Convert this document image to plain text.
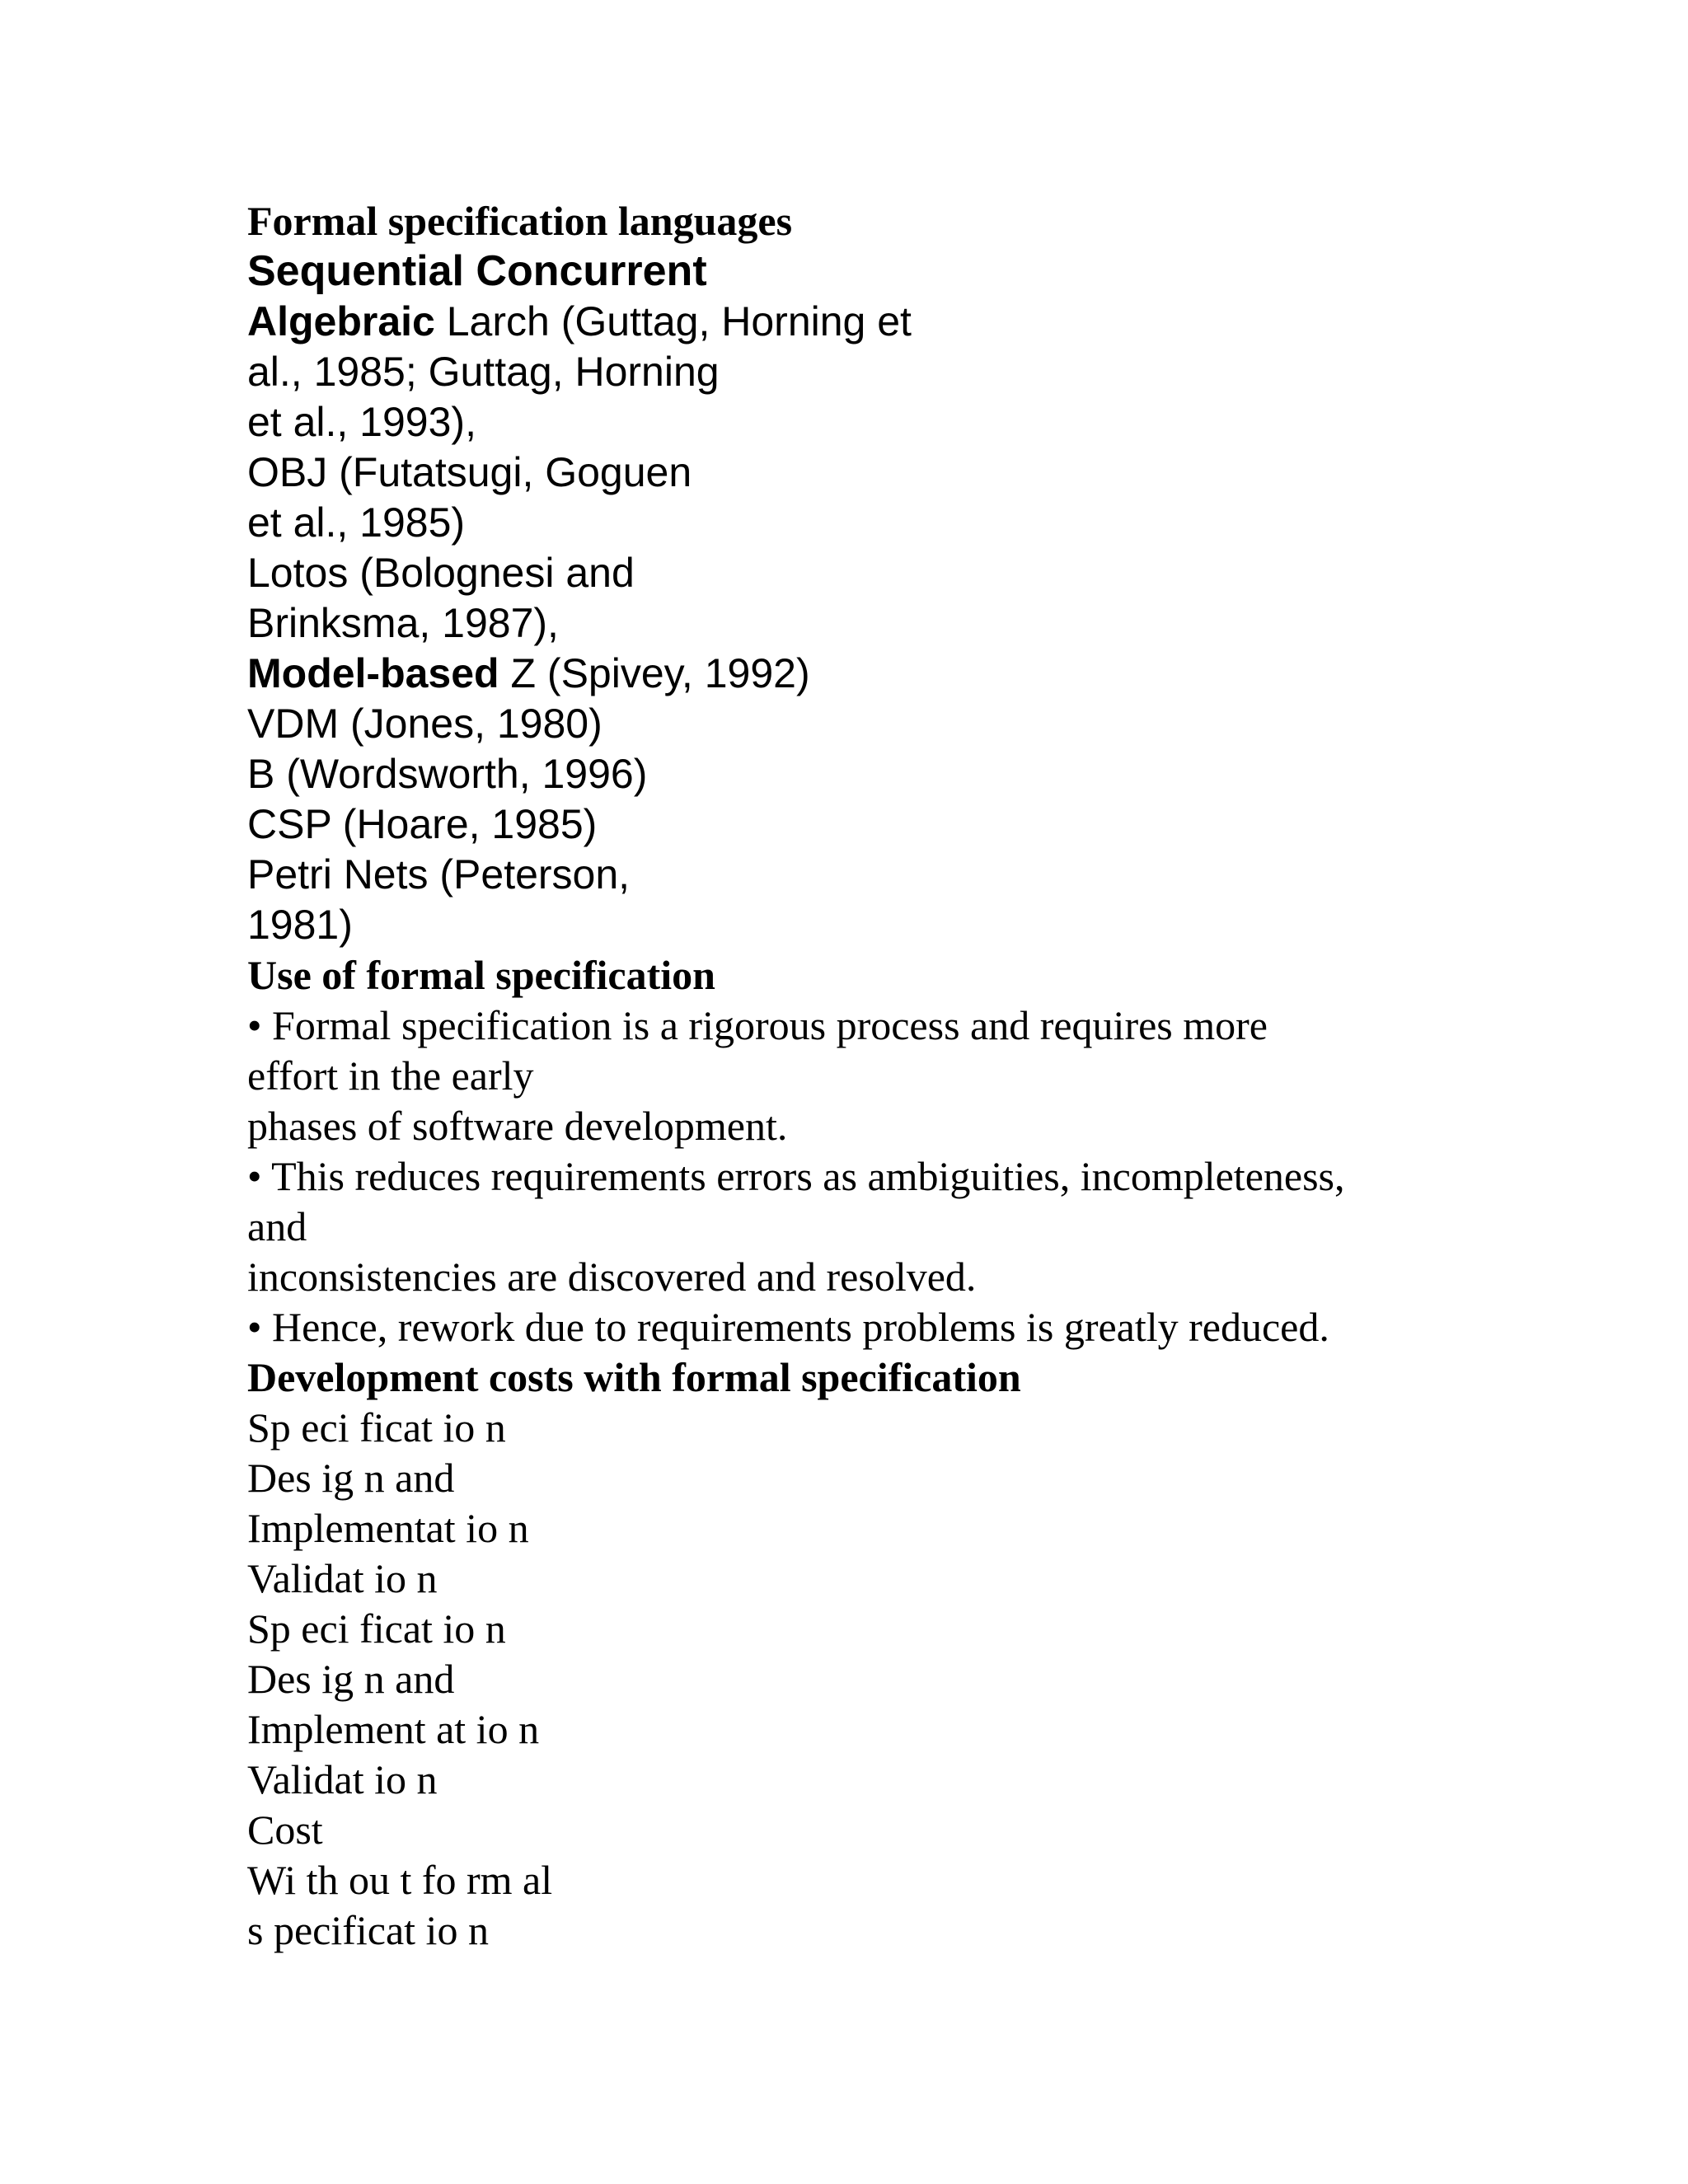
Formal specification languages
Sequential Concurrent
Algebraic Larch (Guttag, Horning et
al., 1985; Guttag, Horning
et al., 1993),
OBJ (Futatsugi, Goguen
et al., 1985)
Lotos (Bolognesi and
Brinksma, 1987),
Model-based Z (Spivey, 1992)
VDM (Jones, 1980)
B (Wordsworth, 1996)
CSP (Hoare, 1985)
Petri Nets (Peterson,
1981)
Use of formal specification
• Formal specification is a rigorous process and requires more
effort in the early
phases of software development.
• This reduces requirements errors as ambiguities, incompleteness,
and
inconsistencies are discovered and resolved.
• Hence, rework due to requirements problems is greatly reduced.
Development costs with formal specification
Sp eci ficat io n
Des ig n and
Implementat io n
Validat io n
Sp eci ficat io n
Des ig n and
Implement at io n
Validat io n
Cost
Wi th ou t fo rm al
s pecificat io n
